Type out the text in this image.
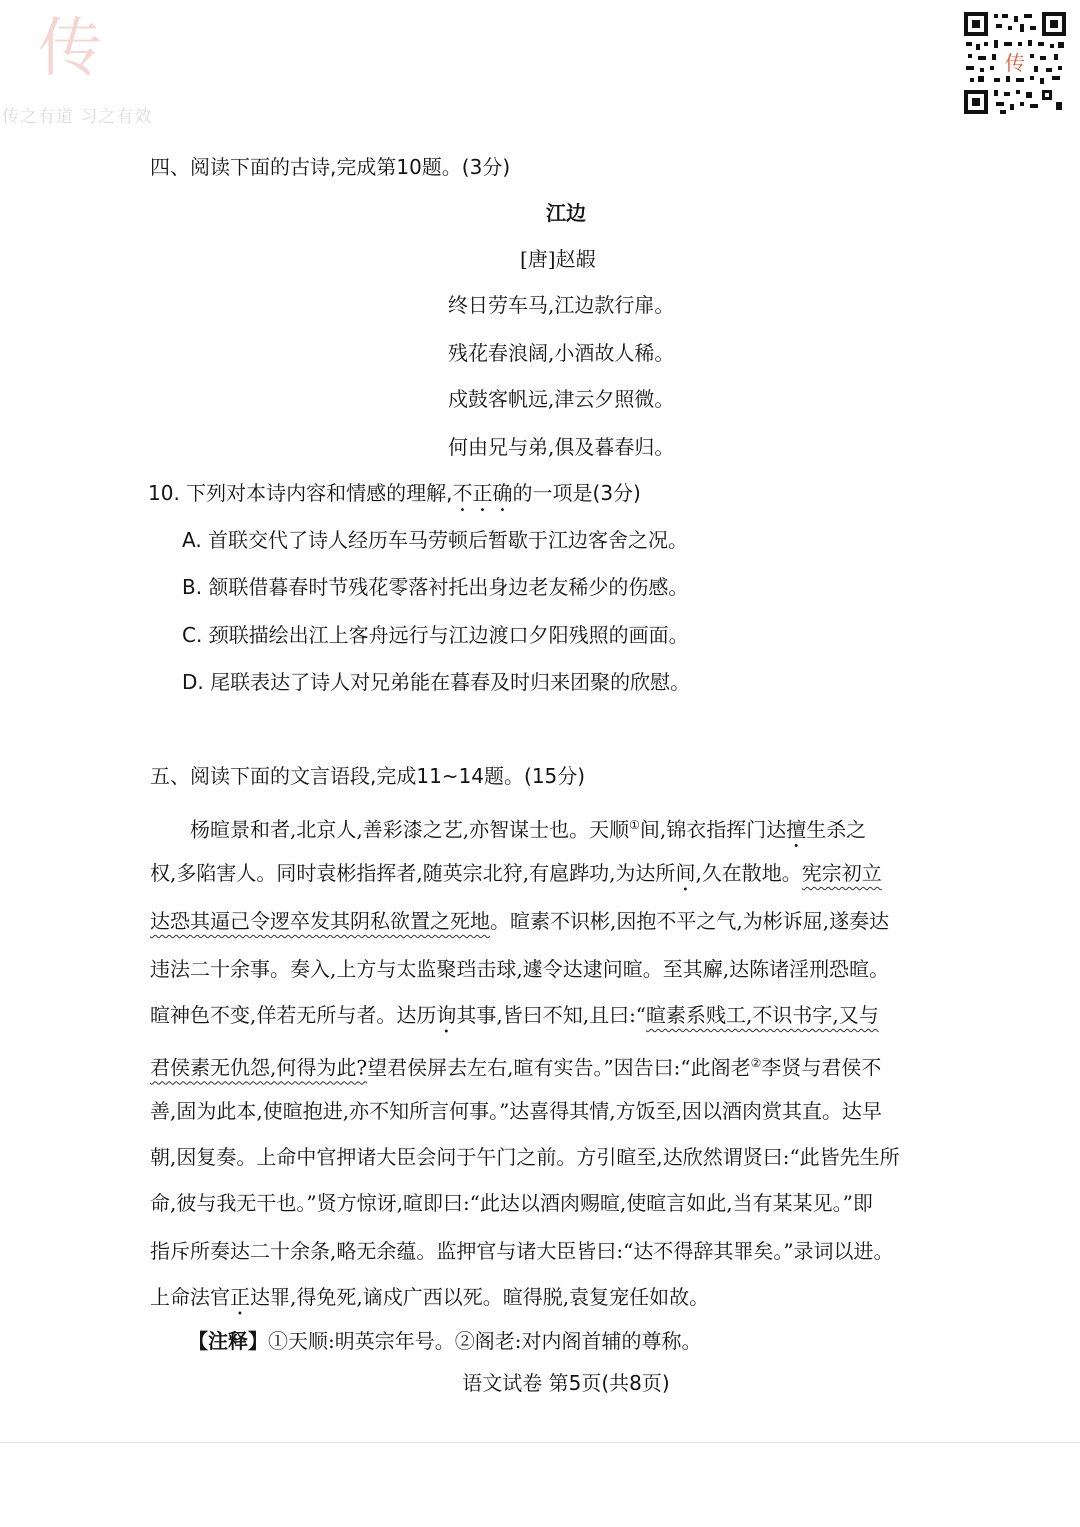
传
传之有道 习之有效
传
四、阅读下面的古诗,完成第10题。(3分)
江边
[唐]赵嘏
终日劳车马,江边款行扉。
残花春浪阔,小酒故人稀。
戍鼓客帆远,津云夕照微。
何由兄与弟,俱及暮春归。
10. 下列对本诗内容和情感的理解,不正确的一项是(3分)
A. 首联交代了诗人经历车马劳顿后暂歇于江边客舍之况。
B. 颔联借暮春时节残花零落衬托出身边老友稀少的伤感。
C. 颈联描绘出江上客舟远行与江边渡口夕阳残照的画面。
D. 尾联表达了诗人对兄弟能在暮春及时归来团聚的欣慰。
五、阅读下面的文言语段,完成11~14题。(15分)
杨暄景和者,北京人,善彩漆之艺,亦智谋士也。天顺①间,锦衣指挥门达擅生杀之
权,多陷害人。同时袁彬指挥者,随英宗北狩,有扈跸功,为达所间,久在散地。宪宗初立
达恐其逼己令逻卒发其阴私欲置之死地。暄素不识彬,因抱不平之气,为彬诉屈,遂奏达
违法二十余事。奏入,上方与太监聚珰击球,遽令达逮问暄。至其廨,达陈诸淫刑恐暄。
暄神色不变,佯若无所与者。达历询其事,皆曰不知,且曰:“暄素系贱工,不识书字,又与
君侯素无仇怨,何得为此?望君侯屏去左右,暄有实告。”因告曰:“此阁老②李贤与君侯不
善,固为此本,使暄抱进,亦不知所言何事。”达喜得其情,方饭至,因以酒肉赏其直。达早
朝,因复奏。上命中官押诸大臣会问于午门之前。方引暄至,达欣然谓贤曰:“此皆先生所
命,彼与我无干也。”贤方惊讶,暄即曰:“此达以酒肉赐暄,使暄言如此,当有某某见。”即
指斥所奏达二十余条,略无余蕴。监押官与诸大臣皆曰:“达不得辞其罪矣。”录词以进。
上命法官正达罪,得免死,谪戍广西以死。暄得脱,袁复宠任如故。
【注释】①天顺:明英宗年号。②阁老:对内阁首辅的尊称。
语文试卷 第5页(共8页)
